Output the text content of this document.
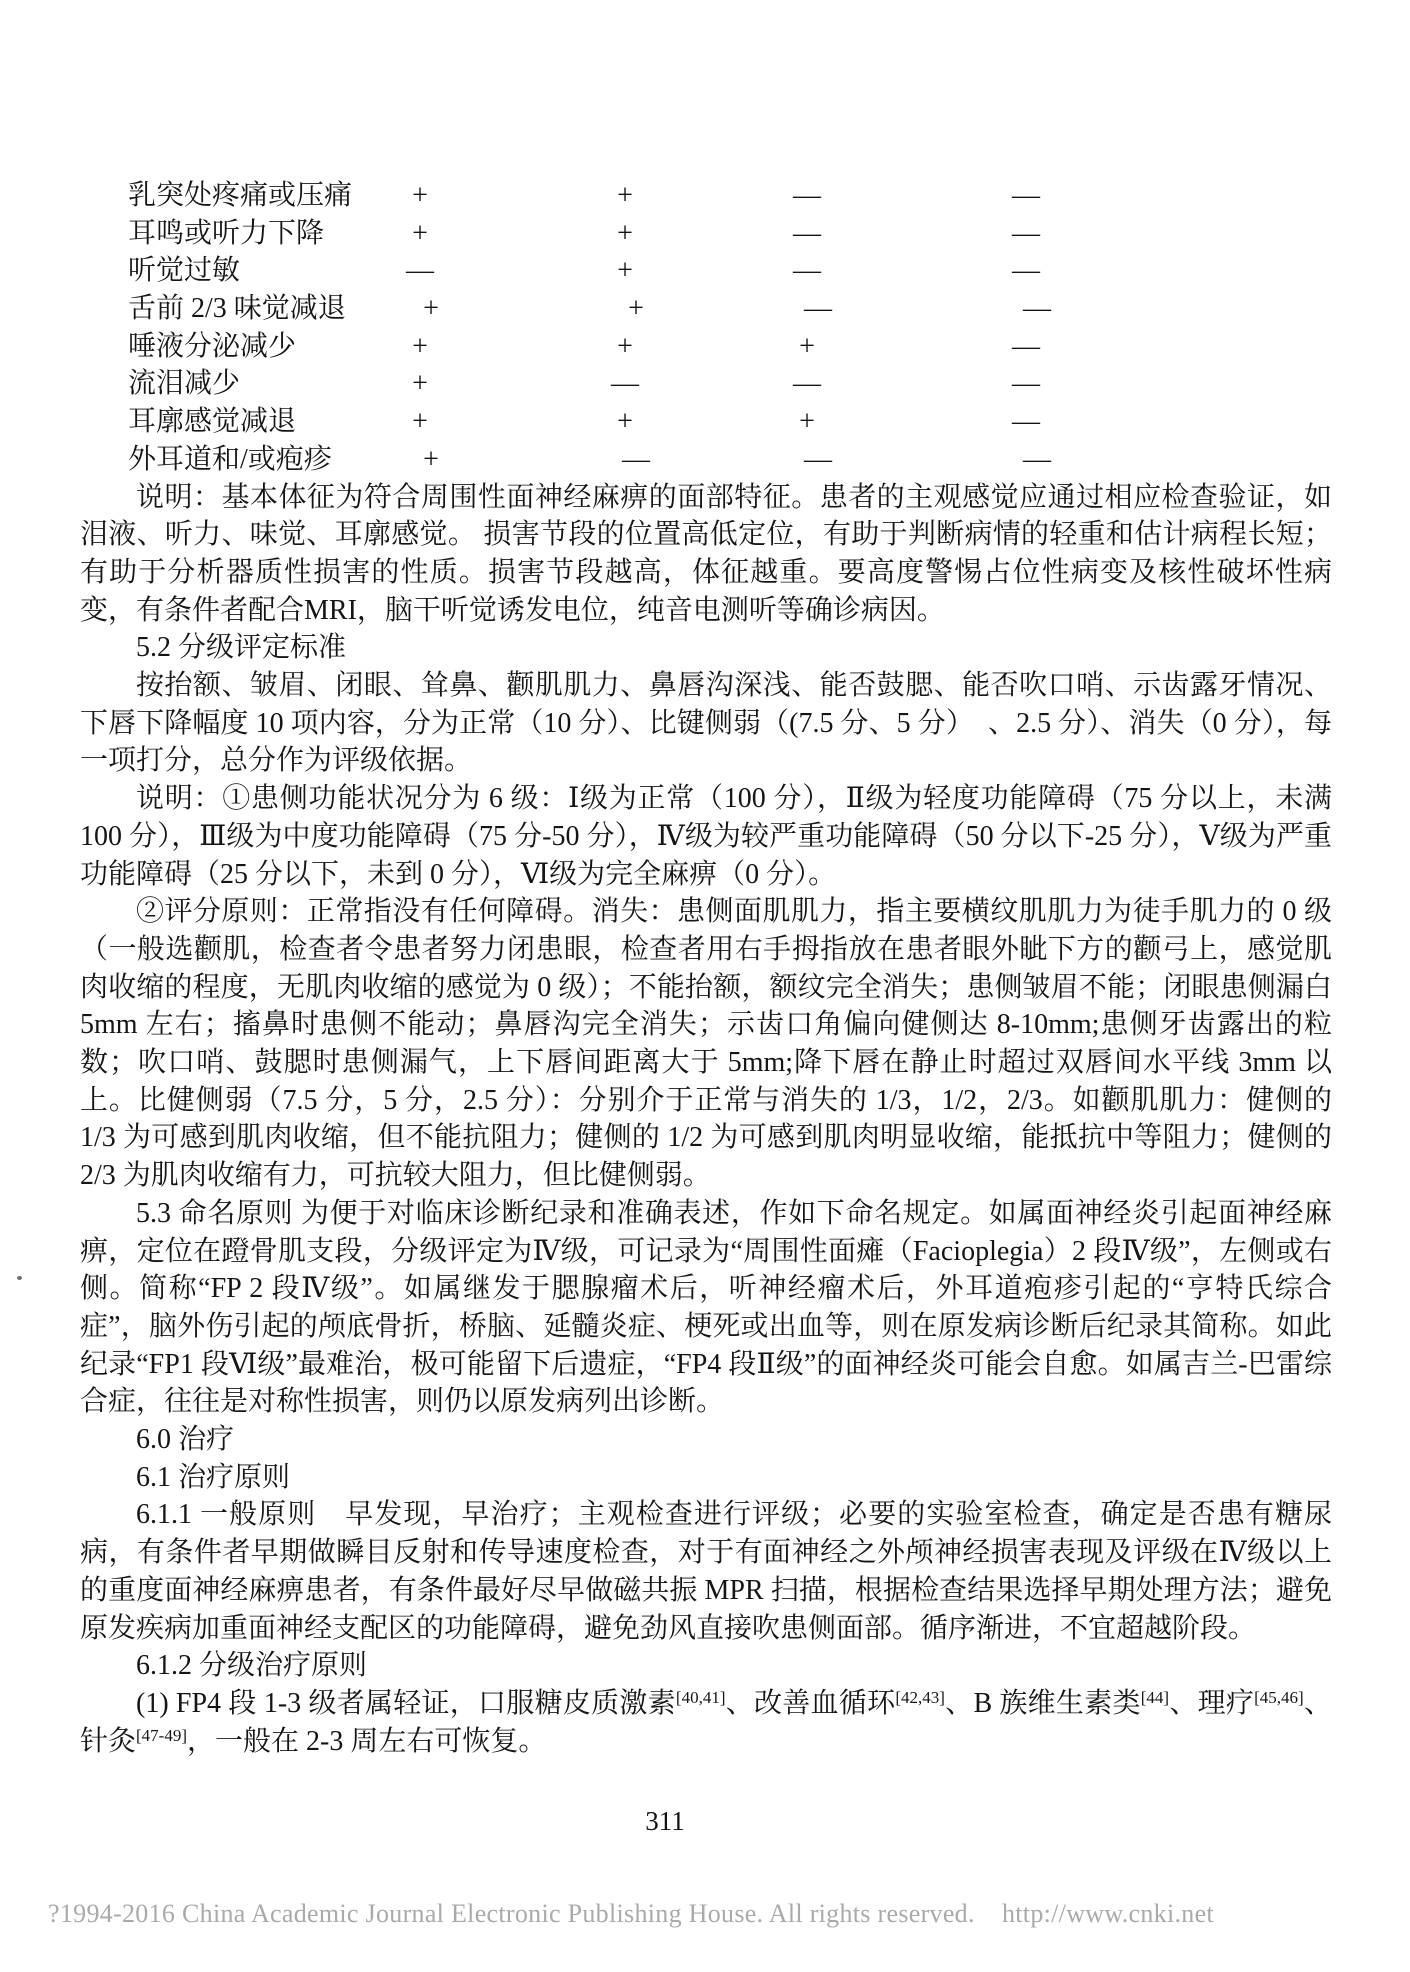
乳突处疼痛或压痛 +	+	—	—
耳鸣或听力下降	+	+	—	—
听觉过敏	—	+	—	—
舌前 2/3 味觉减退	+	+	—	—
唾液分泌减少	+	+	+	—
流泪减少	+	—	—	—
耳廓感觉减退	+	+	+	—
外耳道和/或疱疹	+	—	—	—
说明：基本体征为符合周围性面神经麻痹的面部特征。患者的主观感觉应通过相应检查验证，如泪液、听力、味觉、耳廓感觉。 损害节段的位置高低定位，有助于判断病情的轻重和估计病程长短；有助于分析器质性损害的性质。损害节段越高，体征越重。要高度警惕占位性病变及核性破坏性病变，有条件者配合MRI，脑干听觉诱发电位，纯音电测听等确诊病因。
5.2 分级评定标准
按抬额、皱眉、闭眼、耸鼻、颧肌肌力、鼻唇沟深浅、能否鼓腮、能否吹口哨、示齿露牙情况、下唇下降幅度 10 项内容，分为正常（10 分）、比键侧弱（(7.5 分、5 分）　、2.5 分）、消失（0 分），每一项打分，总分作为评级依据。
说明：①患侧功能状况分为 6 级：Ⅰ级为正常（100 分），Ⅱ级为轻度功能障碍（75 分以上，未满 100 分），Ⅲ级为中度功能障碍（75 分-50 分），Ⅳ级为较严重功能障碍（50 分以下-25 分），Ⅴ级为严重功能障碍（25 分以下，未到 0 分），Ⅵ级为完全麻痹（0 分）。
②评分原则：正常指没有任何障碍。消失：患侧面肌肌力，指主要横纹肌肌力为徒手肌力的 0 级（一般选颧肌，检查者令患者努力闭患眼，检查者用右手拇指放在患者眼外眦下方的颧弓上，感觉肌肉收缩的程度，无肌肉收缩的感觉为 0 级）；不能抬额，额纹完全消失；患侧皱眉不能；闭眼患侧漏白 5mm 左右；搐鼻时患侧不能动；鼻唇沟完全消失；示齿口角偏向健侧达 8-10mm;患侧牙齿露出的粒数；吹口哨、鼓腮时患侧漏气，上下唇间距离大于 5mm;降下唇在静止时超过双唇间水平线 3mm 以上。比健侧弱（7.5 分，5 分，2.5 分）：分别介于正常与消失的 1/3，1/2，2/3。如颧肌肌力：健侧的 1/3 为可感到肌肉收缩，但不能抗阻力；健侧的 1/2 为可感到肌肉明显收缩，能抵抗中等阻力；健侧的 2/3 为肌肉收缩有力，可抗较大阻力，但比健侧弱。
5.3 命名原则 为便于对临床诊断纪录和准确表述，作如下命名规定。如属面神经炎引起面神经麻痹，定位在蹬骨肌支段，分级评定为Ⅳ级，可记录为“周围性面瘫（Facioplegia）2 段Ⅳ级”，左侧或右侧。简称“FP 2 段Ⅳ级”。如属继发于腮腺瘤术后，听神经瘤术后，外耳道疱疹引起的“亨特氏综合症”，脑外伤引起的颅底骨折，桥脑、延髓炎症、梗死或出血等，则在原发病诊断后纪录其简称。如此纪录“FP1 段Ⅵ级”最难治，极可能留下后遗症，“FP4 段Ⅱ级”的面神经炎可能会自愈。如属吉兰-巴雷综合症，往往是对称性损害，则仍以原发病列出诊断。
6.0 治疗
6.1 治疗原则
6.1.1 一般原则　早发现，早治疗；主观检查进行评级；必要的实验室检查，确定是否患有糖尿病，有条件者早期做瞬目反射和传导速度检查，对于有面神经之外颅神经损害表现及评级在Ⅳ级以上的重度面神经麻痹患者，有条件最好尽早做磁共振 MPR 扫描，根据检查结果选择早期处理方法；避免原发疾病加重面神经支配区的功能障碍，避免劲风直接吹患侧面部。循序渐进，不宜超越阶段。
6.1.2 分级治疗原则
(1) FP4 段 1-3 级者属轻证，口服糖皮质激素[40,41]、改善血循环[42,43]、B 族维生素类[44]、理疗[45,46]、针灸[47-49]，一般在 2-3 周左右可恢复。
311
?1994-2016 China Academic Journal Electronic Publishing House. All rights reserved.    http://www.cnki.net
